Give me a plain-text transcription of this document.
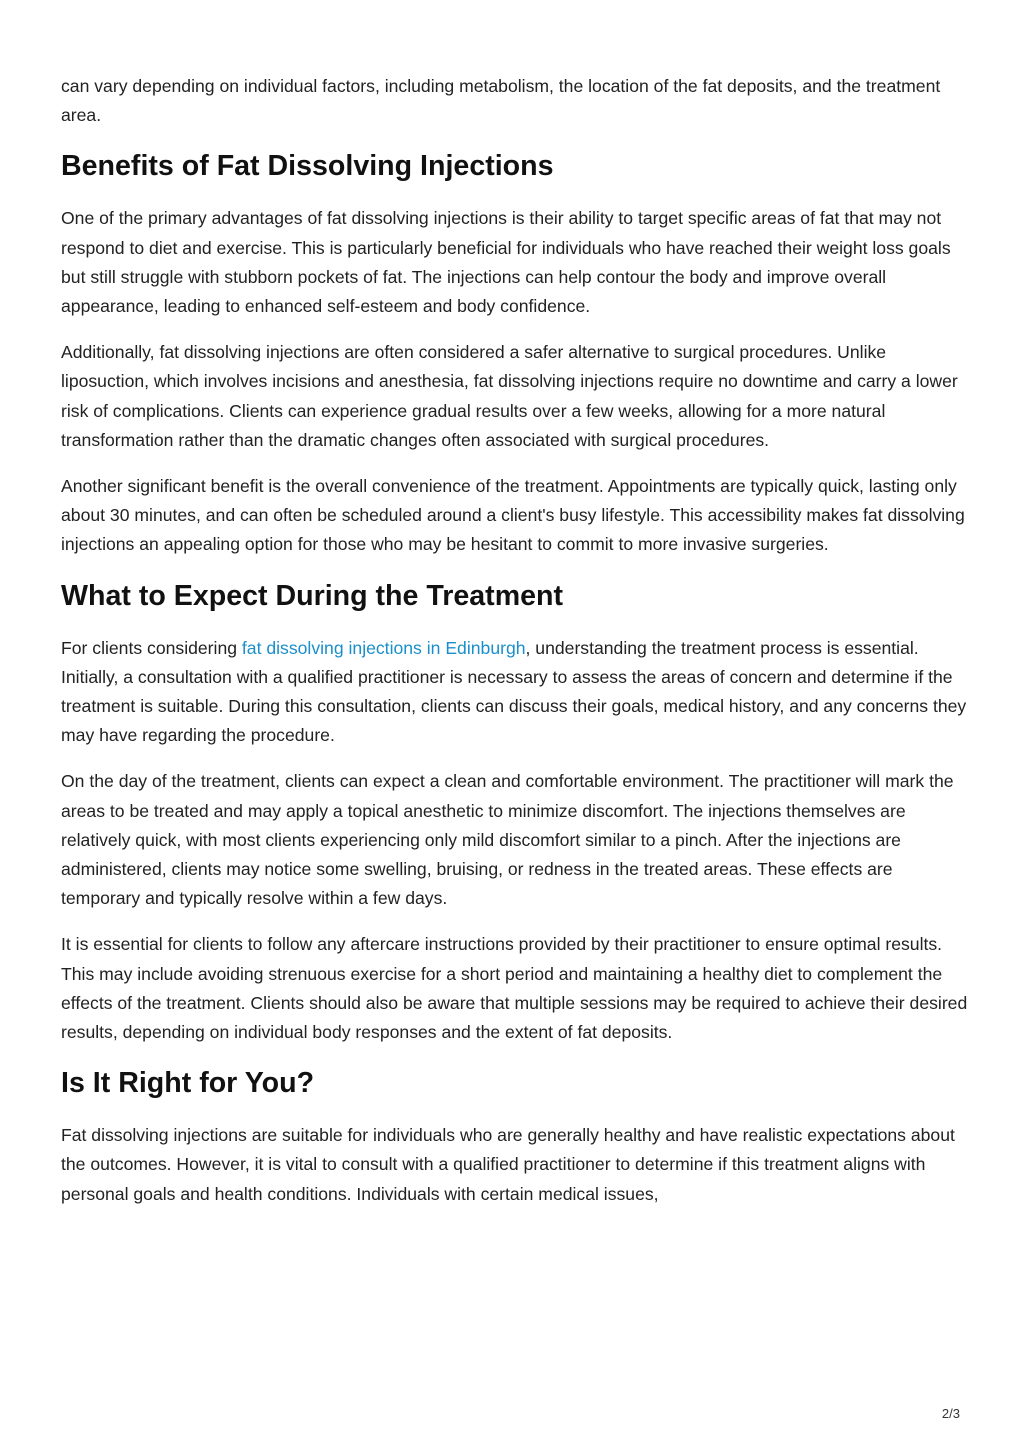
can vary depending on individual factors, including metabolism, the location of the fat deposits, and the treatment area.

Benefits of Fat Dissolving Injections

One of the primary advantages of fat dissolving injections is their ability to target specific areas of fat that may not respond to diet and exercise. This is particularly beneficial for individuals who have reached their weight loss goals but still struggle with stubborn pockets of fat. The injections can help contour the body and improve overall appearance, leading to enhanced self-esteem and body confidence.

Additionally, fat dissolving injections are often considered a safer alternative to surgical procedures. Unlike liposuction, which involves incisions and anesthesia, fat dissolving injections require no downtime and carry a lower risk of complications. Clients can experience gradual results over a few weeks, allowing for a more natural transformation rather than the dramatic changes often associated with surgical procedures.

Another significant benefit is the overall convenience of the treatment. Appointments are typically quick, lasting only about 30 minutes, and can often be scheduled around a client's busy lifestyle. This accessibility makes fat dissolving injections an appealing option for those who may be hesitant to commit to more invasive surgeries.

What to Expect During the Treatment

For clients considering fat dissolving injections in Edinburgh, understanding the treatment process is essential. Initially, a consultation with a qualified practitioner is necessary to assess the areas of concern and determine if the treatment is suitable. During this consultation, clients can discuss their goals, medical history, and any concerns they may have regarding the procedure.

On the day of the treatment, clients can expect a clean and comfortable environment. The practitioner will mark the areas to be treated and may apply a topical anesthetic to minimize discomfort. The injections themselves are relatively quick, with most clients experiencing only mild discomfort similar to a pinch. After the injections are administered, clients may notice some swelling, bruising, or redness in the treated areas. These effects are temporary and typically resolve within a few days.

It is essential for clients to follow any aftercare instructions provided by their practitioner to ensure optimal results. This may include avoiding strenuous exercise for a short period and maintaining a healthy diet to complement the effects of the treatment. Clients should also be aware that multiple sessions may be required to achieve their desired results, depending on individual body responses and the extent of fat deposits.

Is It Right for You?

Fat dissolving injections are suitable for individuals who are generally healthy and have realistic expectations about the outcomes. However, it is vital to consult with a qualified practitioner to determine if this treatment aligns with personal goals and health conditions. Individuals with certain medical issues,

2/3
